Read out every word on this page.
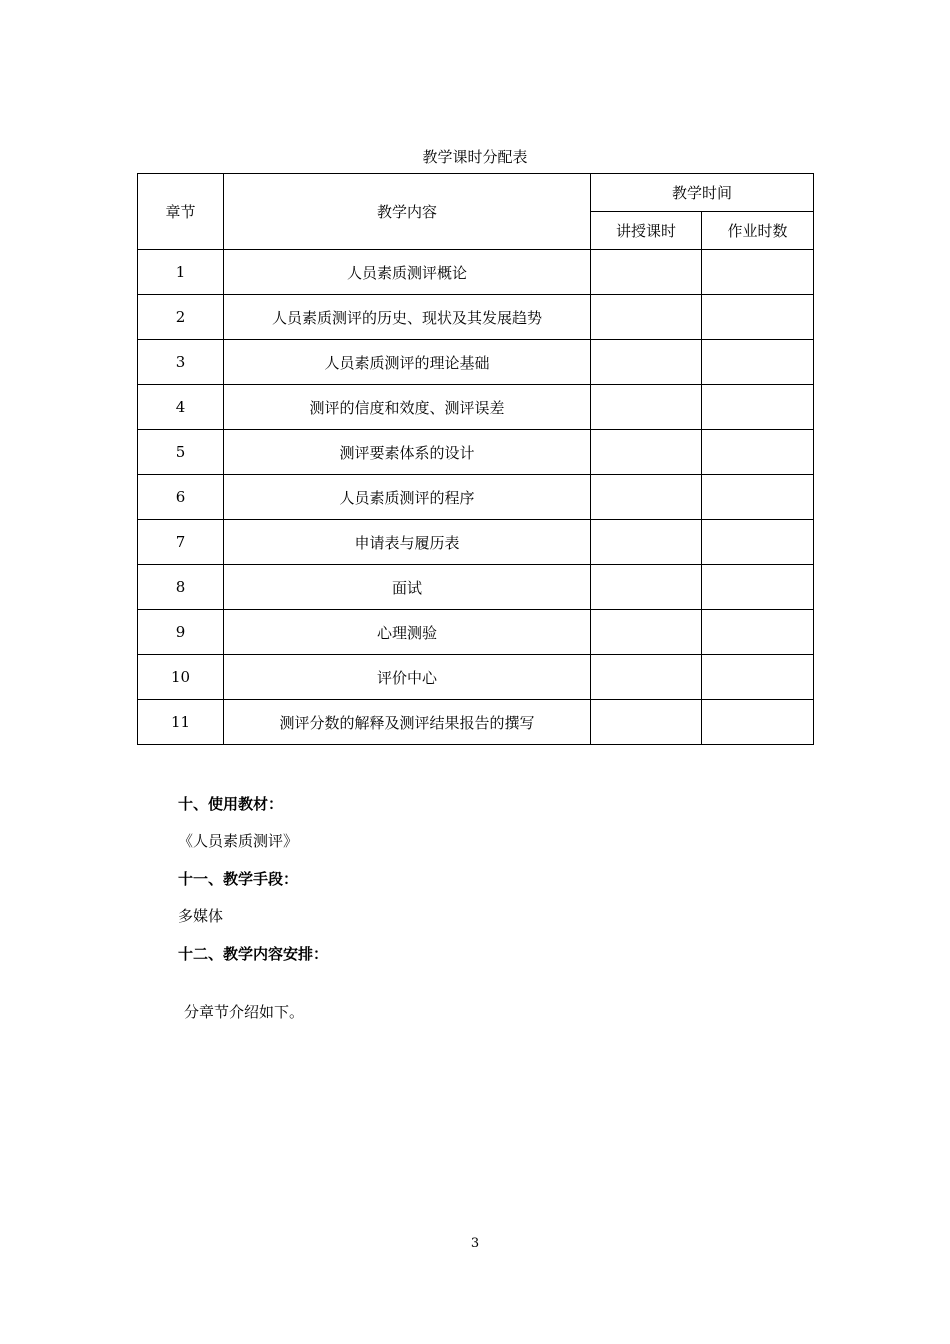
教学课时分配表
章节	教学内容	教学时间	
		讲授课时	作业时数
1	人员素质测评概论		
2	人员素质测评的历史、现状及其发展趋势		
3	人员素质测评的理论基础		
4	测评的信度和效度、测评误差		
5	测评要素体系的设计		
6	人员素质测评的程序		
7	申请表与履历表		
8	面试		
9	心理测验		
10	评价中心		
11	测评分数的解释及测评结果报告的撰写		
十、使用教材：
《人员素质测评》
十一、教学手段：
多媒体
十二、教学内容安排：
分章节介绍如下。
3
